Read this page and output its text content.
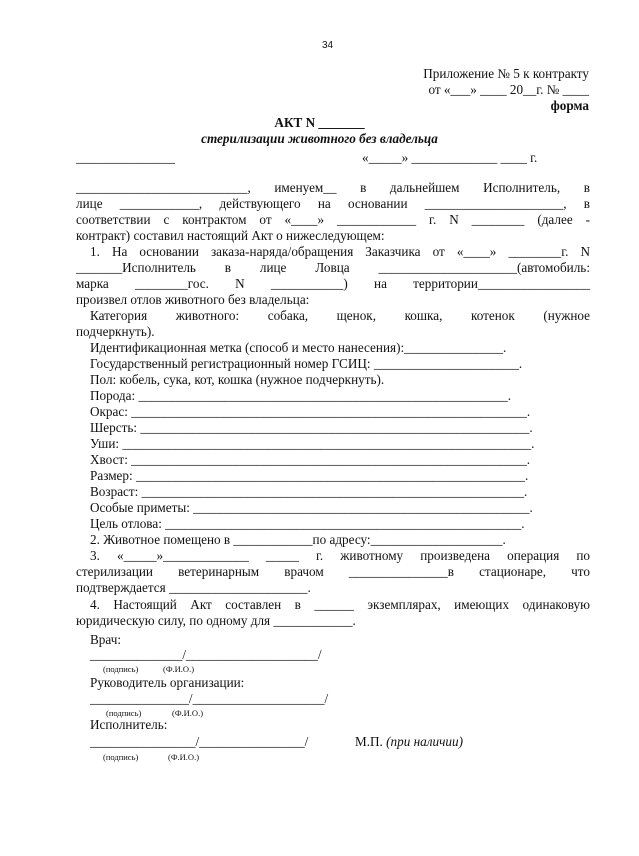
34
Приложение № 5 к контракту
от «___» ____ 20__г. № ____
форма
АКТ N _______
стерилизации животного без владельца
_______________	«_____» _____________ ____ г.
__________________________, именуем__ в дальнейшем Исполнитель, в
лице ____________, действующего на основании _____________________, в
соответствии с контрактом от «____» ____________ г. N ________ (далее -
контракт) составил настоящий Акт о нижеследующем:
1. На основании заказа-наряда/обращения Заказчика от «____» ________г. N
_______Исполнитель в лице Ловца _____________________(автомобиль:
марка ________гос. N ___________) на территории_________________
произвел отлов животного без владельца:
Категория животного: собака, щенок, кошка, котенок (нужное
подчеркнуть).
Идентификационная метка (способ и место нанесения):_______________.
Государственный регистрационный номер ГСИЦ: ______________________.
Пол: кобель, сука, кот, кошка (нужное подчеркнуть).
Порода: ________________________________________________________.
Окрас: ____________________________________________________________.
Шерсть: ___________________________________________________________.
Уши: ______________________________________________________________.
Хвост: ____________________________________________________________.
Размер: ___________________________________________________________.
Возраст: __________________________________________________________.
Особые приметы: ___________________________________________________.
Цель отлова: ______________________________________________________.
2. Животное помещено в ____________по адресу:____________________.
3. «_____»_____________ _____ г. животному произведена операция по
стерилизации ветеринарным врачом _______________в стационаре, что
подтверждается _____________________.
4. Настоящий Акт составлен в ______ экземплярах, имеющих одинаковую
юридическую силу, по одному для ____________.
Врач:
______________/____________________/
(подпись)	(Ф.И.О.)
Руководитель организации:
_______________/____________________/
(подпись)	(Ф.И.О.)
Исполнитель:
________________/________________/	М.П. (при наличии)
(подпись)	(Ф.И.О.)
